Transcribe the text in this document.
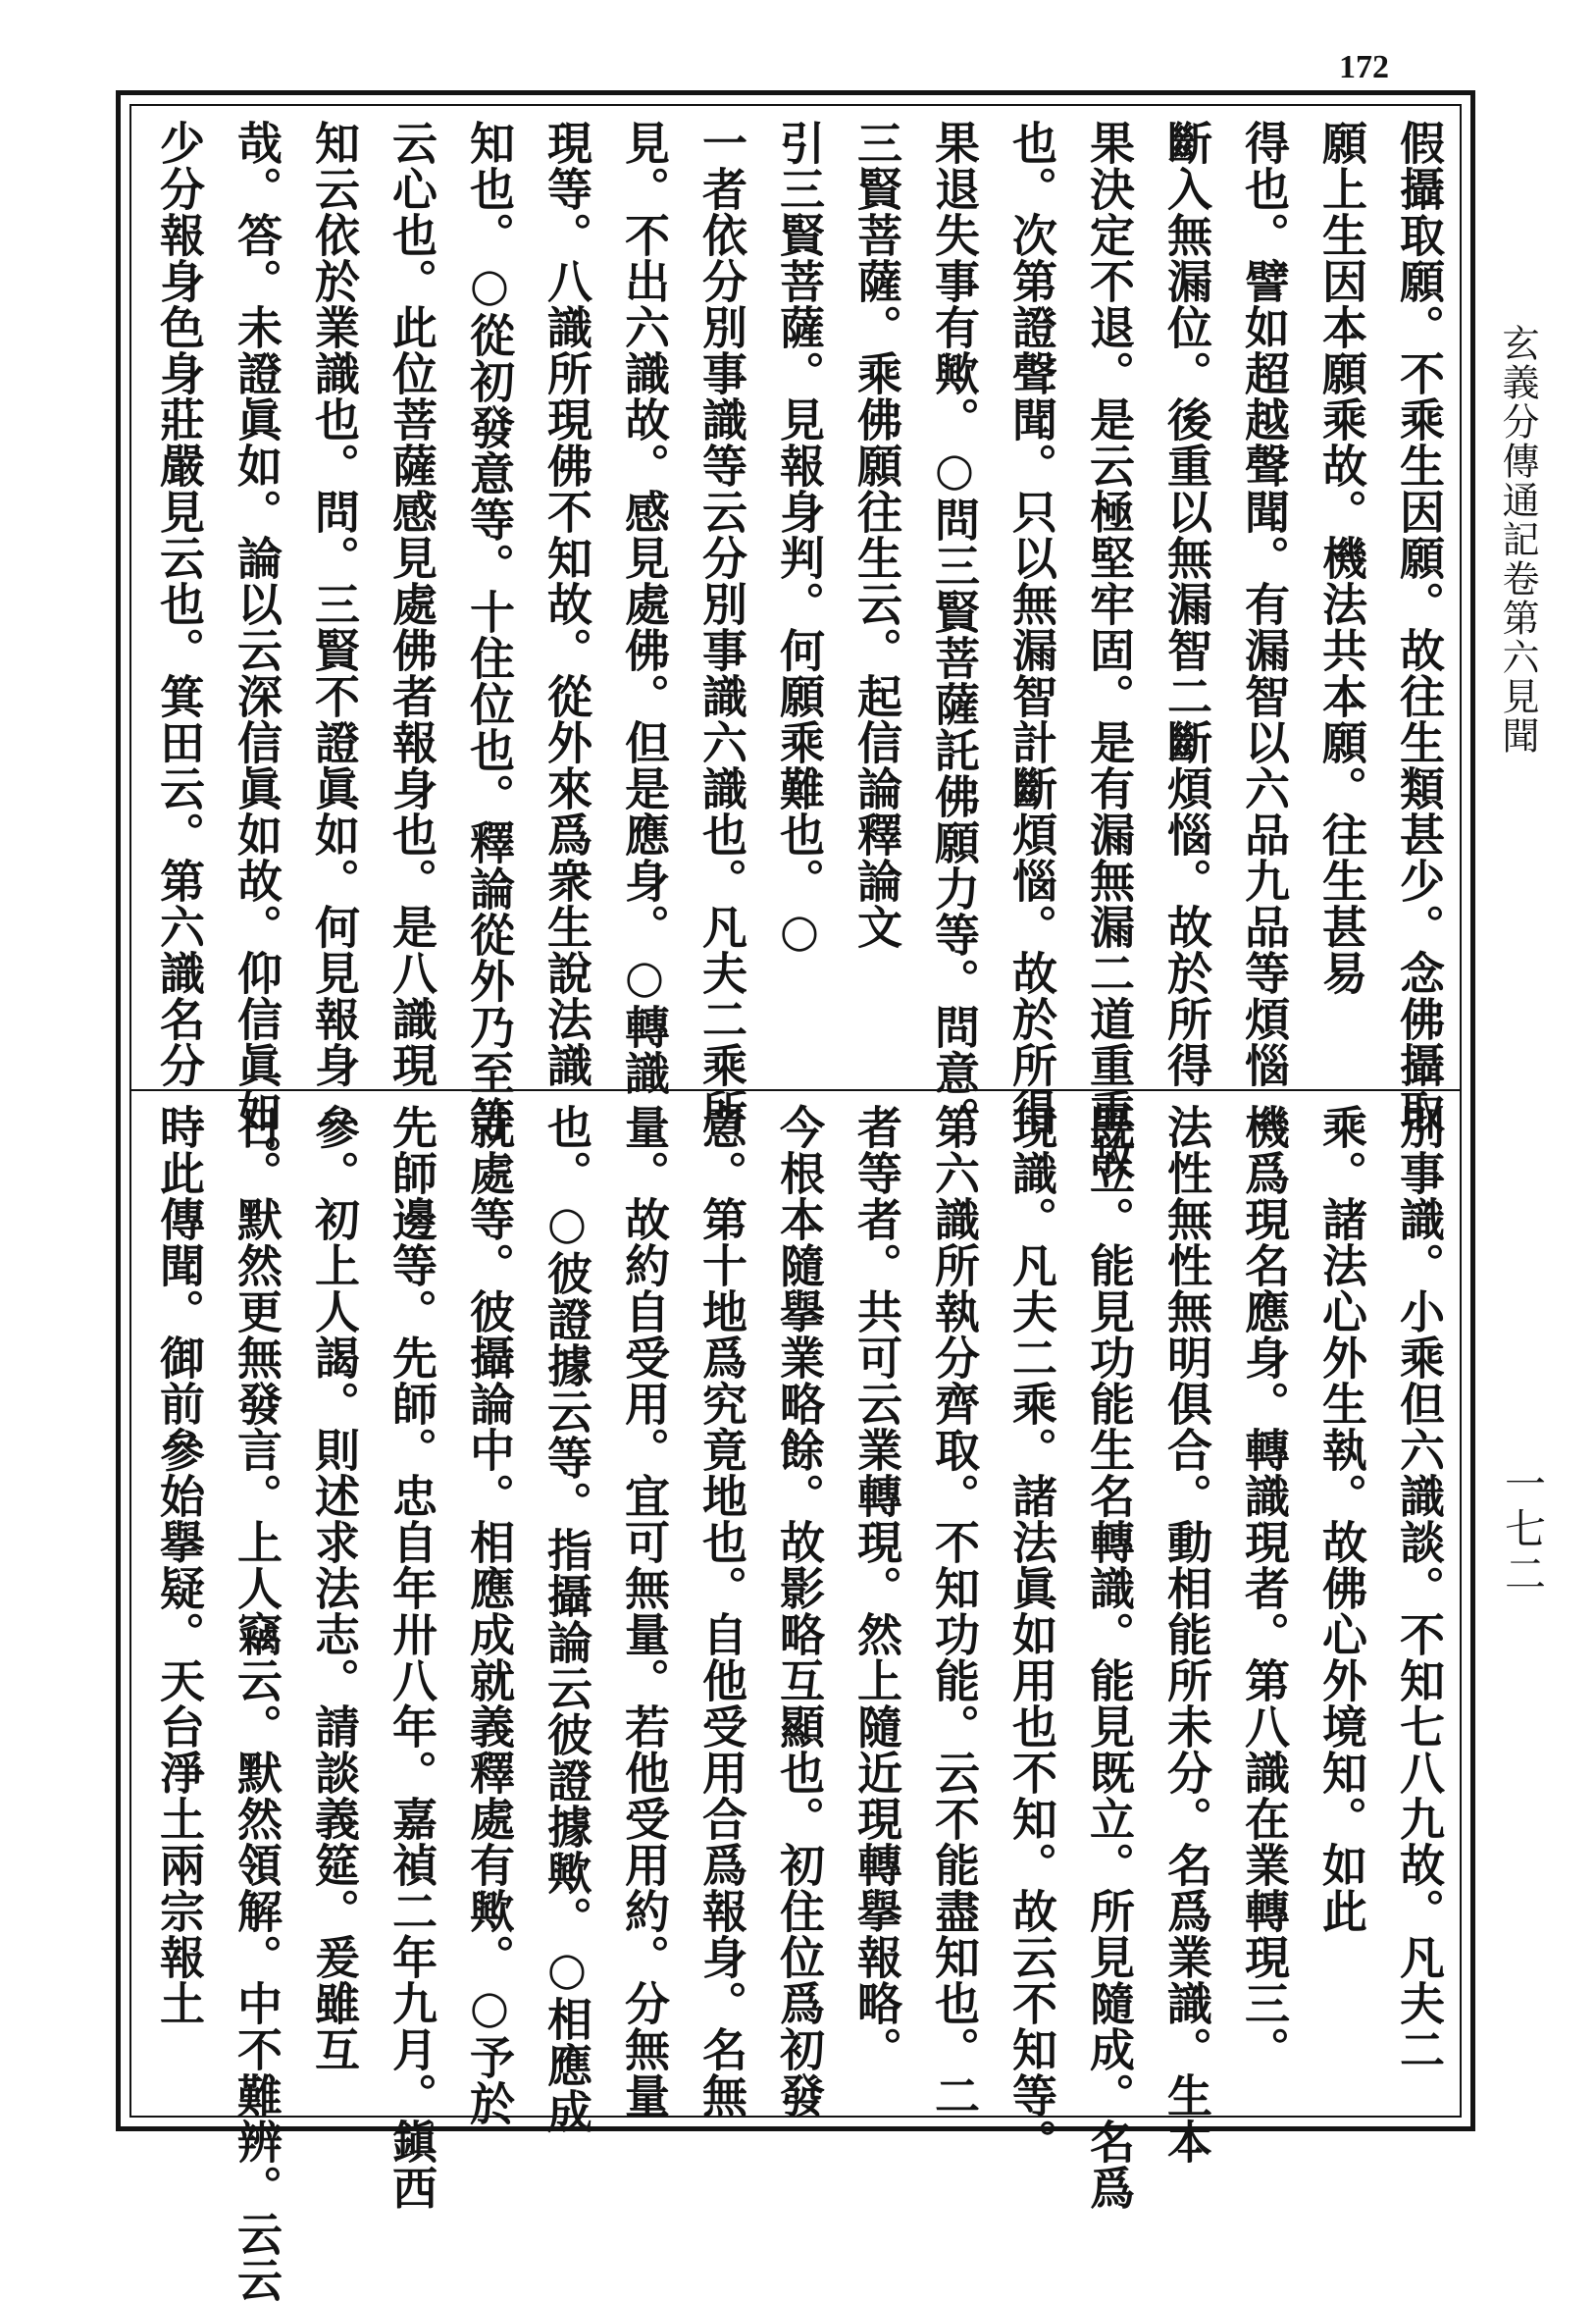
172
假攝取願。不乘生因願。故往生類甚少。念佛攝取
願上生因本願乘故。機法共本願。往生甚易
得也。譬如超越聲聞。有漏智以六品九品等煩惱
斷入無漏位。後重以無漏智二斷煩惱。故於所得
果決定不退。是云極堅牢固。是有漏無漏二道重重故
也。次第證聲聞。只以無漏智計斷煩惱。故於所得
果退失事有歟。○問三賢菩薩託佛願力等。問意。
三賢菩薩。乘佛願往生云。起信論釋論文
引三賢菩薩。見報身判。何願乘難也。○
一者依分別事識等云分別事識六識也。凡夫二乘所
見。不出六識故。感見處佛。但是應身。○轉識
現等。八識所現佛不知故。從外來爲衆生說法識
知也。○從初發意等。十住位也。釋論從外乃至等
云心也。此位菩薩感見處佛者報身也。是八識現
知云依於業識也。問。三賢不證眞如。何見報身
哉。答。未證眞如。論以云深信眞如故。仰信眞如。
少分報身色身莊嚴見云也。箕田云。第六識名分
別事識。小乘但六識談。不知七八九故。凡夫二
乘。諸法心外生執。故佛心外境知。如此
機爲現名應身。轉識現者。第八識在業轉現三。
法性無性無明俱合。動相能所未分。名爲業識。生本
既立。能見功能生名轉識。能見既立。所見隨成。名爲
現識。凡夫二乘。諸法眞如用也不知。故云不知等。
第六識所執分齊取。不知功能。云不能盡知也。二
者等者。共可云業轉現。然上隨近現轉擧報略。
今根本隨擧業略餘。故影略互顯也。初住位爲初發
意。第十地爲究竟地也。自他受用合爲報身。名無
量。故約自受用。宜可無量。若他受用約。分無量
也。○彼證據云等。指攝論云彼證據歟。○相應成
就處等。彼攝論中。相應成就義釋處有歟。○予於
先師邊等。先師。忠自年卅八年。嘉禎二年九月。鎭西
參。初上人謁。則述求法志。請談義筵。爰雖互
日。默然更無發言。上人竊云。默然領解。中不難辨。云云
時此傳聞。御前參始擧疑。天台淨土兩宗報土
玄義分傳通記卷第六見聞
一七二
